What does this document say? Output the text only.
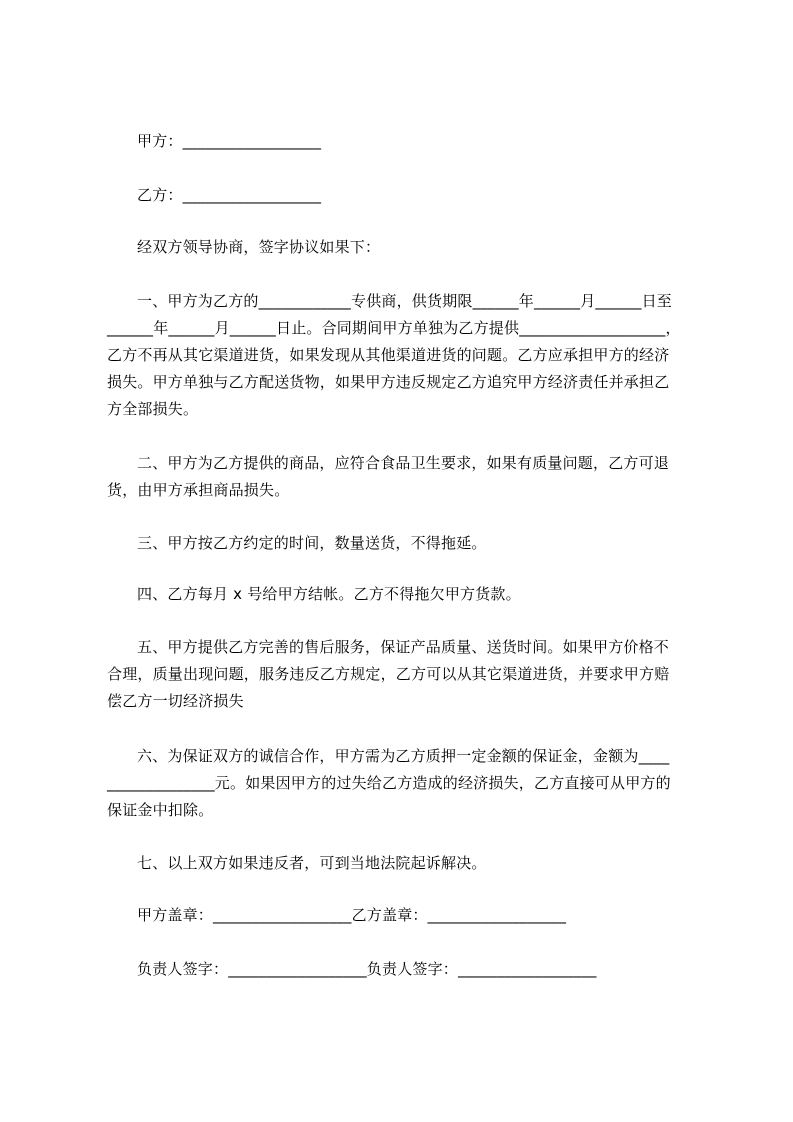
甲方：__________________
乙方：__________________
经双方领导协商，签字协议如果下：
一、甲方为乙方的____________专供商，供货期限______年______月______日至
______年______月______日止。合同期间甲方单独为乙方提供___________________，
乙方不再从其它渠道进货，如果发现从其他渠道进货的问题。乙方应承担甲方的经济
损失。甲方单独与乙方配送货物，如果甲方违反规定乙方追究甲方经济责任并承担乙
方全部损失。
二、甲方为乙方提供的商品，应符合食品卫生要求，如果有质量问题，乙方可退
货，由甲方承担商品损失。
三、甲方按乙方约定的时间，数量送货，不得拖延。
四、乙方每月 x 号给甲方结帐。乙方不得拖欠甲方货款。
五、甲方提供乙方完善的售后服务，保证产品质量、送货时间。如果甲方价格不
合理，质量出现问题，服务违反乙方规定，乙方可以从其它渠道进货，并要求甲方赔
偿乙方一切经济损失
六、为保证双方的诚信合作，甲方需为乙方质押一定金额的保证金，金额为____
______________元。如果因甲方的过失给乙方造成的经济损失，乙方直接可从甲方的
保证金中扣除。
七、以上双方如果违反者，可到当地法院起诉解决。
甲方盖章：__________________乙方盖章：__________________
负责人签字：__________________负责人签字：__________________
